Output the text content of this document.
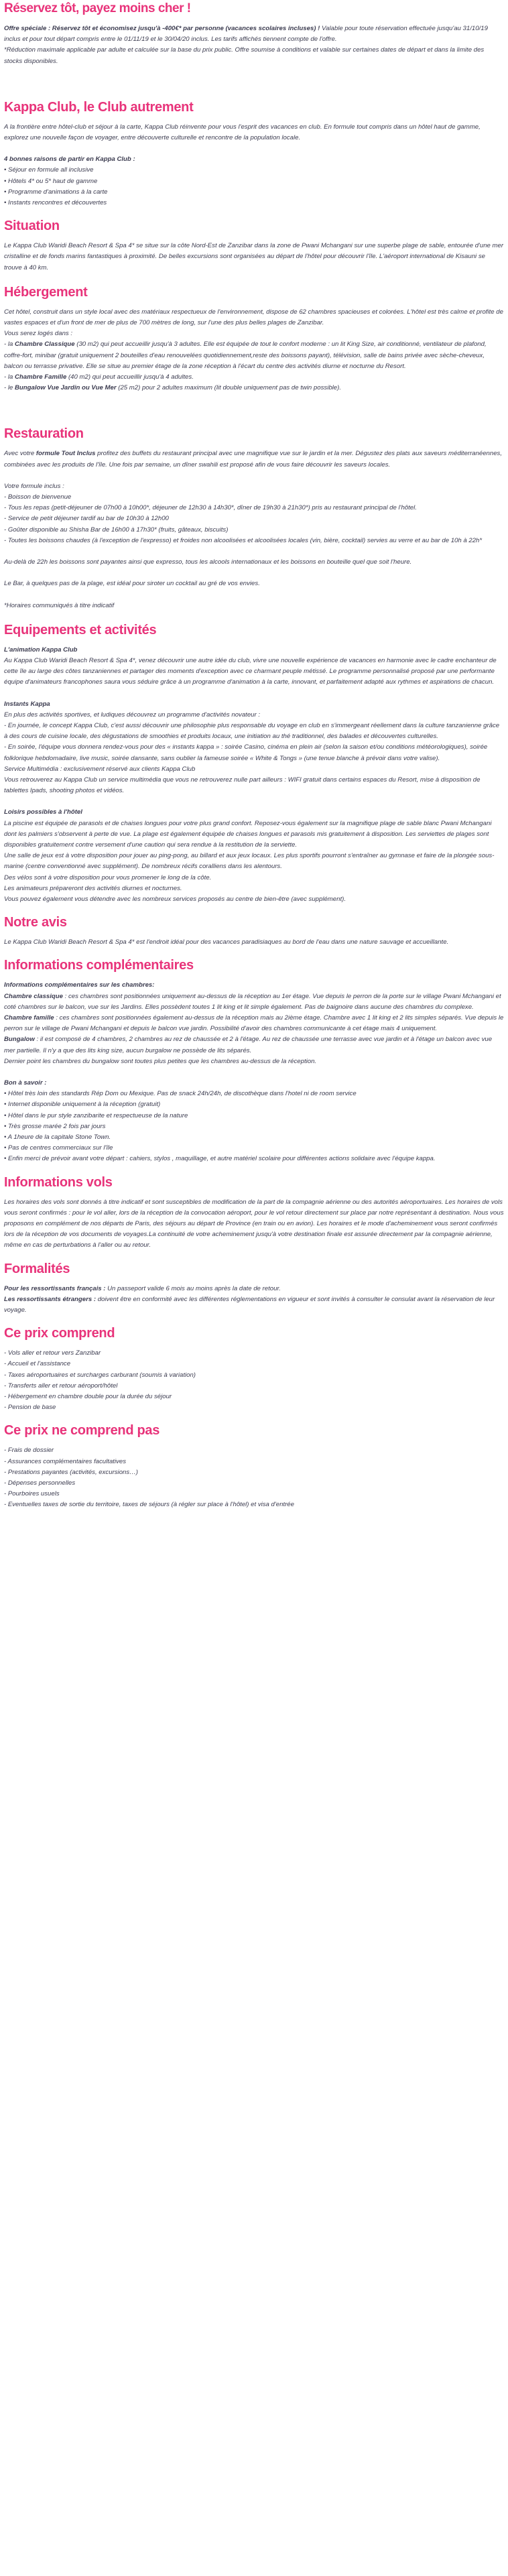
Réservez tôt, payez moins cher !

Offre spéciale : Réservez tôt et économisez jusqu'à -400€* par personne (vacances scolaires incluses) ! Valable pour toute réservation effectuée jusqu'au 31/10/19 inclus et pour tout départ compris entre le 01/11/19 et le 30/04/20 inclus. Les tarifs affichés tiennent compte de l'offre.

*Réduction maximale applicable par adulte et calculée sur la base du prix public. Offre soumise à conditions et valable sur certaines dates de départ et dans la limite des stocks disponibles.

Kappa Club, le Club autrement

A la frontière entre hôtel-club et séjour à la carte, Kappa Club réinvente pour vous l'esprit des vacances en club. En formule tout compris dans un hôtel haut de gamme, explorez une nouvelle façon de voyager, entre découverte culturelle et rencontre de la population locale.

4 bonnes raisons de partir en Kappa Club :

• Séjour en formule all inclusive
• Hôtels 4* ou 5* haut de gamme
• Programme d'animations à la carte
• Instants rencontres et découvertes

Situation

Le Kappa Club Waridi Beach Resort & Spa 4* se situe sur la côte Nord-Est de Zanzibar dans la zone de Pwani Mchangani sur une superbe plage de sable, entourée d'une mer cristalline et de fonds marins fantastiques à proximité. De belles excursions sont organisées au départ de l'hôtel pour découvrir l'île. L'aéroport international de Kisauni se trouve à 40 km.

Hébergement

Cet hôtel, construit dans un style local avec des matériaux respectueux de l'environnement, dispose de 62 chambres spacieuses et colorées. L'hôtel est très calme et profite de vastes espaces et d'un front de mer de plus de 700 mètres de long, sur l'une des plus belles plages de Zanzibar.
Vous serez logés dans :

- la Chambre Classique (30 m2) qui peut accueillir jusqu'à 3 adultes. Elle est équipée de tout le confort moderne : un lit King Size, air conditionné, ventilateur de plafond, coffre-fort, minibar (gratuit uniquement 2 bouteilles d'eau renouvelées quotidiennement,reste des boissons payant), télévision, salle de bains privée avec sèche-cheveux, balcon ou terrasse privative. Elle se situe au premier étage de la zone réception à l'écart du centre des activités diurne et nocturne du Resort.

- la Chambre Famille (40 m2) qui peut accueillir jusqu'à 4 adultes.

- le Bungalow Vue Jardin ou Vue Mer (25 m2) pour 2 adultes maximum (lit double uniquement pas de twin possible).

Restauration

Avec votre formule Tout Inclus profitez des buffets du restaurant principal avec une magnifique vue sur le jardin et la mer. Dégustez des plats aux saveurs méditerranéennes, combinées avec les produits de l'île. Une fois par semaine, un dîner swahili est proposé afin de vous faire découvrir les saveurs locales.

Votre formule inclus :
- Boisson de bienvenue
- Tous les repas (petit-déjeuner de 07h00 à 10h00*, déjeuner de 12h30 à 14h30*, dîner de 19h30 à 21h30*) pris au restaurant principal de l'hôtel.
- Service de petit déjeuner tardif au bar de 10h30 à 12h00
- Goûter disponible au Shisha Bar de 16h00 à 17h30* (fruits, gâteaux, biscuits)
- Toutes les boissons chaudes (à l'exception de l'expresso) et froides non alcoolisées et alcoolisées locales (vin, bière, cocktail) servies au verre et au bar de 10h à 22h*

Au-delà de 22h les boissons sont payantes ainsi que expresso, tous les alcools internationaux et les boissons en bouteille quel que soit l'heure.

Le Bar, à quelques pas de la plage, est idéal pour siroter un cocktail au gré de vos envies.

*Horaires communiqués à titre indicatif

Equipements et activités

L'animation Kappa Club

Au Kappa Club Waridi Beach Resort & Spa 4*, venez découvrir une autre idée du club, vivre une nouvelle expérience de vacances en harmonie avec le cadre enchanteur de cette île au large des côtes tanzaniennes et partager des moments d'exception avec ce charmant peuple métissé. Le programme personnalisé proposé par une performante équipe d'animateurs francophones saura vous séduire grâce à un programme d'animation à la carte, innovant, et parfaitement adapté aux rythmes et aspirations de chacun.

Instants Kappa

En plus des activités sportives, et ludiques découvrez un programme d'activités novateur :
- En journée, le concept Kappa Club, c'est aussi découvrir une philosophie plus responsable du voyage en club en s'immergeant réellement dans la culture tanzanienne grâce à des cours de cuisine locale, des dégustations de smoothies et produits locaux, une initiation au thé traditionnel, des balades et découvertes culturelles.
- En soirée, l'équipe vous donnera rendez-vous pour des « instants kappa » : soirée Casino, cinéma en plein air (selon la saison et/ou conditions météorologiques), soirée folklorique hebdomadaire, live music, soirée dansante, sans oublier la fameuse soirée « White & Tongs » (une tenue blanche à prévoir dans votre valise).
Service Multimédia : exclusivement réservé aux clients Kappa Club
Vous retrouverez au Kappa Club un service multimédia que vous ne retrouverez nulle part ailleurs : WIFI gratuit dans certains espaces du Resort, mise à disposition de tablettes Ipads, shooting photos et vidéos.

Loisirs possibles à l'hôtel

La piscine est équipée de parasols et de chaises longues pour votre plus grand confort. Reposez-vous également sur la magnifique plage de sable blanc Pwani Mchangani dont les palmiers s'observent à perte de vue. La plage est également équipée de chaises longues et parasols mis gratuitement à disposition. Les serviettes de plages sont disponibles gratuitement contre versement d'une caution qui sera rendue à la restitution de la serviette.
Une salle de jeux est à votre disposition pour jouer au ping-pong, au billard et aux jeux locaux. Les plus sportifs pourront s'entraîner au gymnase et faire de la plongée sous-marine (centre conventionné avec supplément). De nombreux récifs coralliens dans les alentours.
Des vélos sont à votre disposition pour vous promener le long de la côte.
Les animateurs prépareront des activités diurnes et nocturnes.
Vous pouvez également vous détendre avec les nombreux services proposés au centre de bien-être (avec supplément).

Notre avis

Le Kappa Club Waridi Beach Resort & Spa 4* est l'endroit idéal pour des vacances paradisiaques au bord de l'eau dans une nature sauvage et accueillante.

Informations complémentaires

Informations complémentaires sur les chambres:

Chambre classique : ces chambres sont positionnées uniquement au-dessus de la réception au 1er étage. Vue depuis le perron de la porte sur le village Pwani Mchangani et coté chambres sur le balcon, vue sur les Jardins. Elles possèdent toutes 1 lit king et lit simple également. Pas de baignoire dans aucune des chambres du complexe.

Chambre famille : ces chambres sont positionnées également au-dessus de la réception mais au 2ième étage. Chambre avec 1 lit king et 2 lits simples séparés. Vue depuis le perron sur le village de Pwani Mchangani et depuis le balcon vue jardin. Possibilité d'avoir des chambres communicante à cet étage mais 4 uniquement.

Bungalow : il est composé de 4 chambres, 2 chambres au rez de chaussée et 2 à l'étage. Au rez de chaussée une terrasse avec vue jardin et à l'étage un balcon avec vue mer partielle. Il n'y a que des lits king size, aucun burgalow ne possède de lits séparés.
Dernier point les chambres du bungalow sont toutes plus petites que les chambres au-dessus de la réception.

Bon à savoir :

• Hôtel très loin des standards Rép Dom ou Mexique. Pas de snack 24h/24h, de discothèque dans l'hotel ni de room service
• Internet disponible uniquement à la réception (gratuit)
• Hôtel dans le pur style zanzibarite et respectueuse de la nature
• Très grosse marée 2 fois par jours
• A 1heure de la capitale Stone Town.
• Pas de centres commerciaux sur l'île
• Enfin merci de prévoir avant votre départ : cahiers, stylos , maquillage, et autre matériel scolaire pour différentes actions solidaire avec l'équipe kappa.

Informations vols

Les horaires des vols sont donnés à titre indicatif et sont susceptibles de modification de la part de la compagnie aérienne ou des autorités aéroportuaires. Les horaires de vols vous seront confirmés : pour le vol aller, lors de la réception de la convocation aéroport, pour le vol retour directement sur place par notre représentant à destination. Nous vous proposons en complément de nos départs de Paris, des séjours au départ de Province (en train ou en avion). Les horaires et le mode d'acheminement vous seront confirmés lors de la réception de vos documents de voyages.La continuité de votre acheminement jusqu'à votre destination finale est assurée directement par la compagnie aérienne, même en cas de perturbations à l'aller ou au retour.

Formalités

Pour les ressortissants français : Un passeport valide 6 mois au moins après la date de retour.

Les ressortissants étrangers : doivent être en conformité avec les différentes réglementations en vigueur et sont invités à consulter le consulat avant la réservation de leur voyage.

Ce prix comprend

- Vols aller et retour vers Zanzibar
- Accueil et l'assistance
- Taxes aéroportuaires et surcharges carburant (soumis à variation)
- Transferts aller et retour aéroport/hôtel
- Hébergement en chambre double pour la durée du séjour
- Pension de base

Ce prix ne comprend pas

- Frais de dossier
- Assurances complémentaires facultatives
- Prestations payantes (activités, excursions…)
- Dépenses personnelles
- Pourboires usuels
- Eventuelles taxes de sortie du territoire, taxes de séjours (à régler sur place à l'hôtel) et visa d'entrée
